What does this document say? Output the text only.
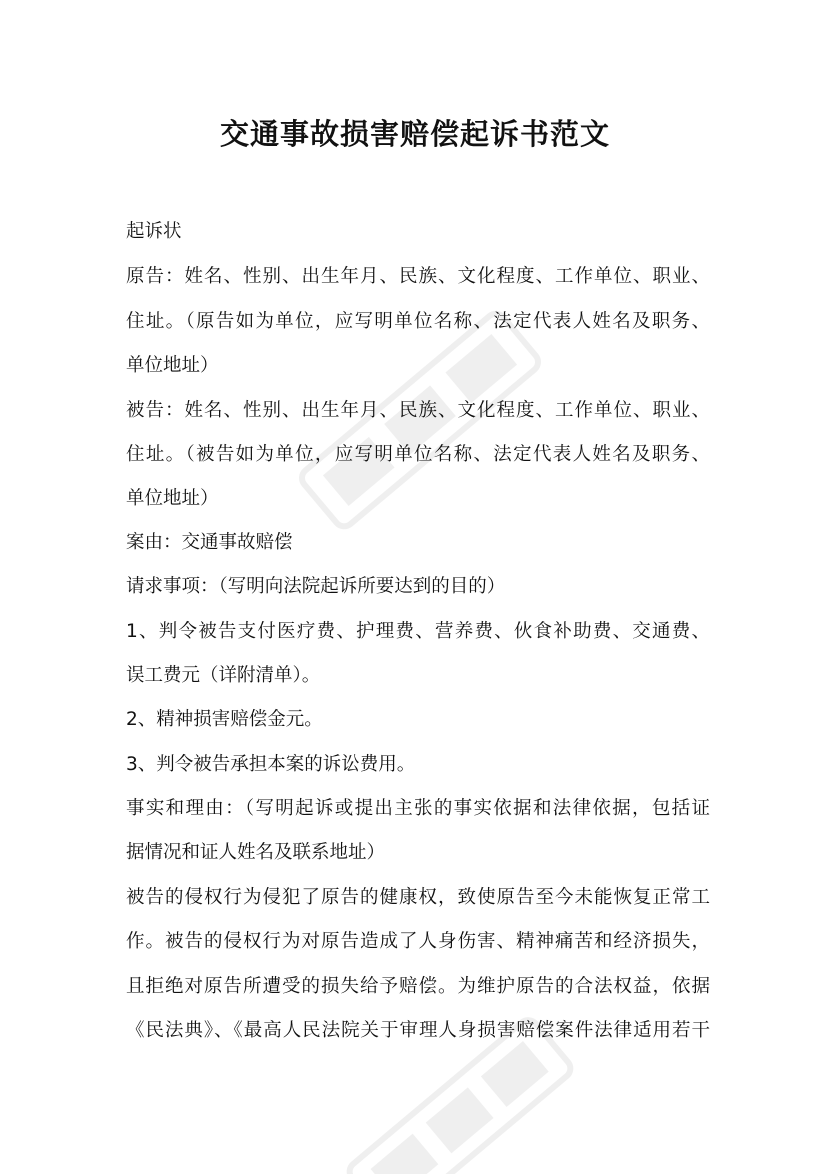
交通事故损害赔偿起诉书范文

起诉状

原告：姓名、性别、出生年月、民族、文化程度、工作单位、职业、

住址。（原告如为单位，应写明单位名称、法定代表人姓名及职务、

单位地址）

被告：姓名、性别、出生年月、民族、文化程度、工作单位、职业、

住址。（被告如为单位，应写明单位名称、法定代表人姓名及职务、

单位地址）

案由：交通事故赔偿

请求事项：（写明向法院起诉所要达到的目的）

1、判令被告支付医疗费、护理费、营养费、伙食补助费、交通费、

误工费元（详附清单）。

2、精神损害赔偿金元。

3、判令被告承担本案的诉讼费用。

事实和理由：（写明起诉或提出主张的事实依据和法律依据，包括证

据情况和证人姓名及联系地址）

被告的侵权行为侵犯了原告的健康权，致使原告至今未能恢复正常工

作。被告的侵权行为对原告造成了人身伤害、精神痛苦和经济损失，

且拒绝对原告所遭受的损失给予赔偿。为维护原告的合法权益，依据

《民法典》、《最高人民法院关于审理人身损害赔偿案件法律适用若干
